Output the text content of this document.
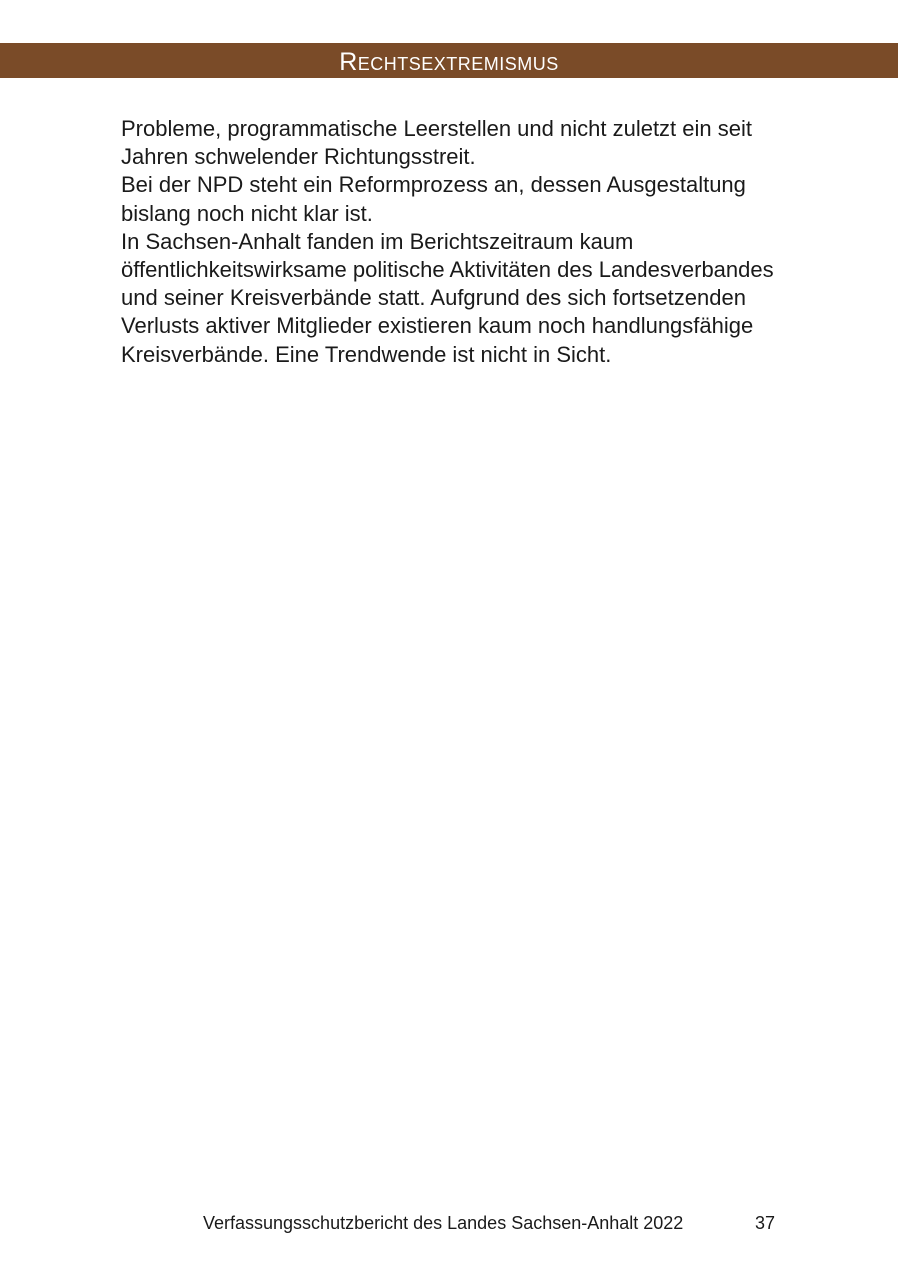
Rechtsextremismus

Probleme, programmatische Leerstellen und nicht zuletzt ein seit Jahren schwelender Richtungsstreit.

Bei der NPD steht ein Reformprozess an, dessen Ausgestaltung bislang noch nicht klar ist.

In Sachsen-Anhalt fanden im Berichtszeitraum kaum öffentlichkeitswirksame politische Aktivitäten des Landesverbandes und seiner Kreisverbände statt. Aufgrund des sich fortsetzenden Verlusts aktiver Mitglieder existieren kaum noch handlungsfähige Kreisverbände. Eine Trendwende ist nicht in Sicht.

Verfassungsschutzbericht des Landes Sachsen-Anhalt 2022	37
